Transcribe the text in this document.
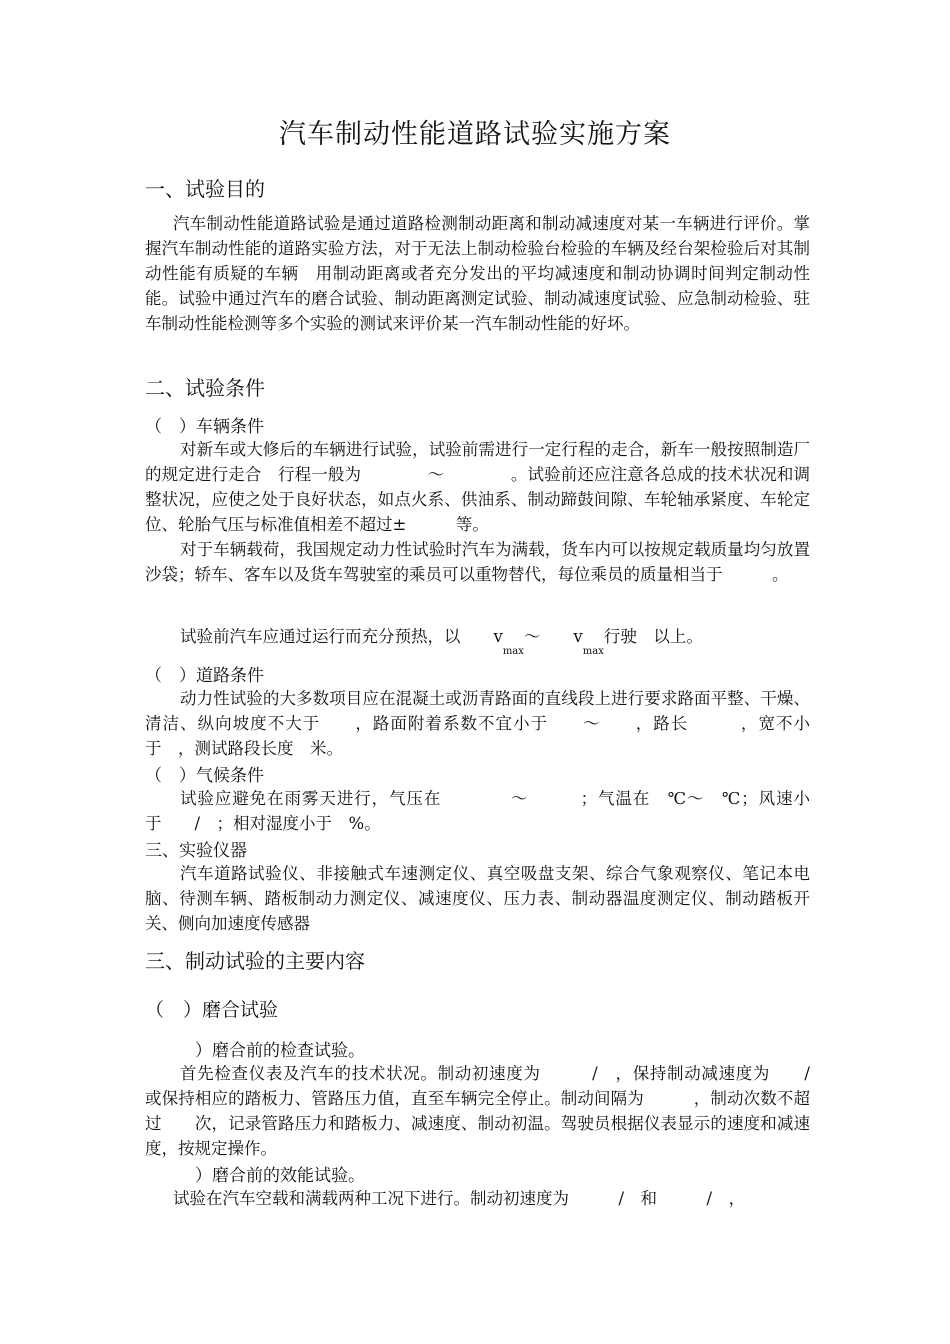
汽车制动性能道路试验实施方案
一、试验目的
汽车制动性能道路试验是通过道路检测制动距离和制动减速度对某一车辆进行评价。掌握汽车制动性能的道路实验方法，对于无法上制动检验台检验的车辆及经台架检验后对其制动性能有质疑的车辆　用制动距离或者充分发出的平均减速度和制动协调时间判定制动性能。试验中通过汽车的磨合试验、制动距离测定试验、制动减速度试验、应急制动检验、驻车制动性能检测等多个实验的测试来评价某一汽车制动性能的好坏。
二、试验条件
（　）车辆条件
对新车或大修后的车辆进行试验，试验前需进行一定行程的走合，新车一般按照制造厂的规定进行走合　行程一般为　　　　～　　　　。试验前还应注意各总成的技术状况和调整状况，应使之处于良好状态，如点火系、供油系、制动蹄鼓间隙、车轮轴承紧度、车轮定位、轮胎气压与标准值相差不超过±　　　等。
对于车辆载荷，我国规定动力性试验时汽车为满载，货车内可以按规定载质量均匀放置沙袋；轿车、客车以及货车驾驶室的乘员可以重物替代，每位乘员的质量相当于　　　。
试验前汽车应通过运行而充分预热，以　　$v_{max}\sim$　　$v_{max}$行驶　以上。
（　）道路条件
动力性试验的大多数项目应在混凝土或沥青路面的直线段上进行要求路面平整、干燥、清洁、纵向坡度不大于　　，路面附着系数不宜小于　　～　　，路长　　　，宽不小于　，测试路段长度　米。
（　）气候条件
试验应避免在雨雾天进行，气压在　　　　～　　　；气温在　℃～　℃；风速小于　　/　；相对湿度小于　%。
三、实验仪器
汽车道路试验仪、非接触式车速测定仪、真空吸盘支架、综合气象观察仪、笔记本电脑、待测车辆、踏板制动力测定仪、减速度仪、压力表、制动器温度测定仪、制动踏板开关、侧向加速度传感器
三、制动试验的主要内容
（　）磨合试验
）磨合前的检查试验。
首先检查仪表及汽车的技术状况。制动初速度为　　　/　，保持制动减速度为　　/　或保持相应的踏板力、管路压力值，直至车辆完全停止。制动间隔为　　　，制动次数不超过　　次，记录管路压力和踏板力、减速度、制动初温。驾驶员根据仪表显示的速度和减速度，按规定操作。
）磨合前的效能试验。
试验在汽车空载和满载两种工况下进行。制动初速度为　　　/　和　　　/　，
